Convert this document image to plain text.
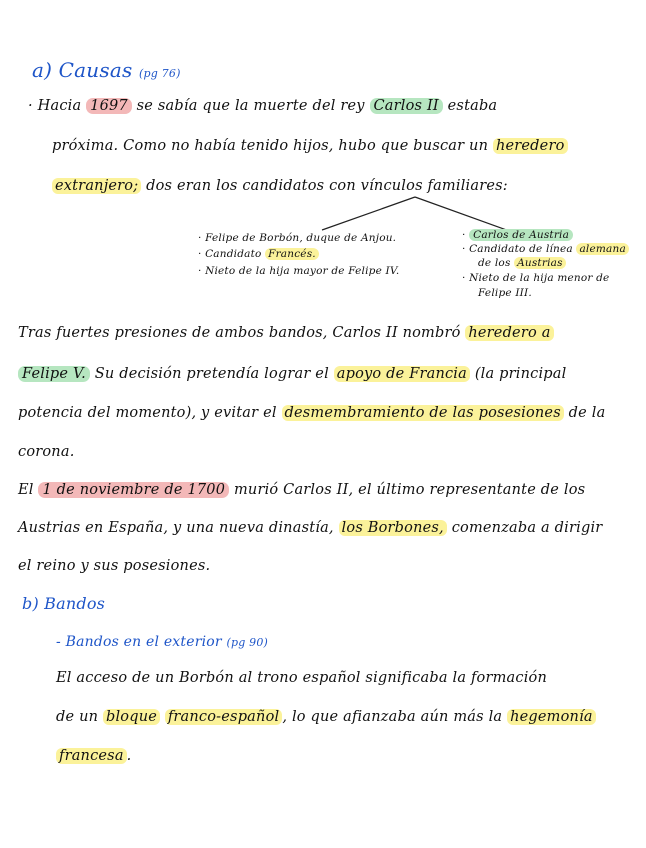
a) Causas (pg 76)
· Hacia 1697 se sabía que la muerte del rey Carlos II estaba
próxima. Como no había tenido hijos, hubo que buscar un heredero
extranjero; dos eran los candidatos con vínculos familiares:
· Felipe de Borbón, duque de Anjou.
· Candidato Francés.
· Nieto de la hija mayor de Felipe IV.
· Carlos de Austria
· Candidato de línea alemana
de los Austrias
· Nieto de la hija menor de
Felipe III.
Tras fuertes presiones de ambos bandos, Carlos II nombró heredero a
Felipe V. Su decisión pretendía lograr el apoyo de Francia (la principal
potencia del momento), y evitar el desmembramiento de las posesiones de la
corona.
El 1 de noviembre de 1700 murió Carlos II, el último representante de los
Austrias en España, y una nueva dinastía, los Borbones, comenzaba a dirigir
el reino y sus posesiones.
b) Bandos
- Bandos en el exterior (pg 90)
El acceso de un Borbón al trono español significaba la formación
de un bloque franco-español , lo que afianzaba aún más la hegemonía
francesa .
